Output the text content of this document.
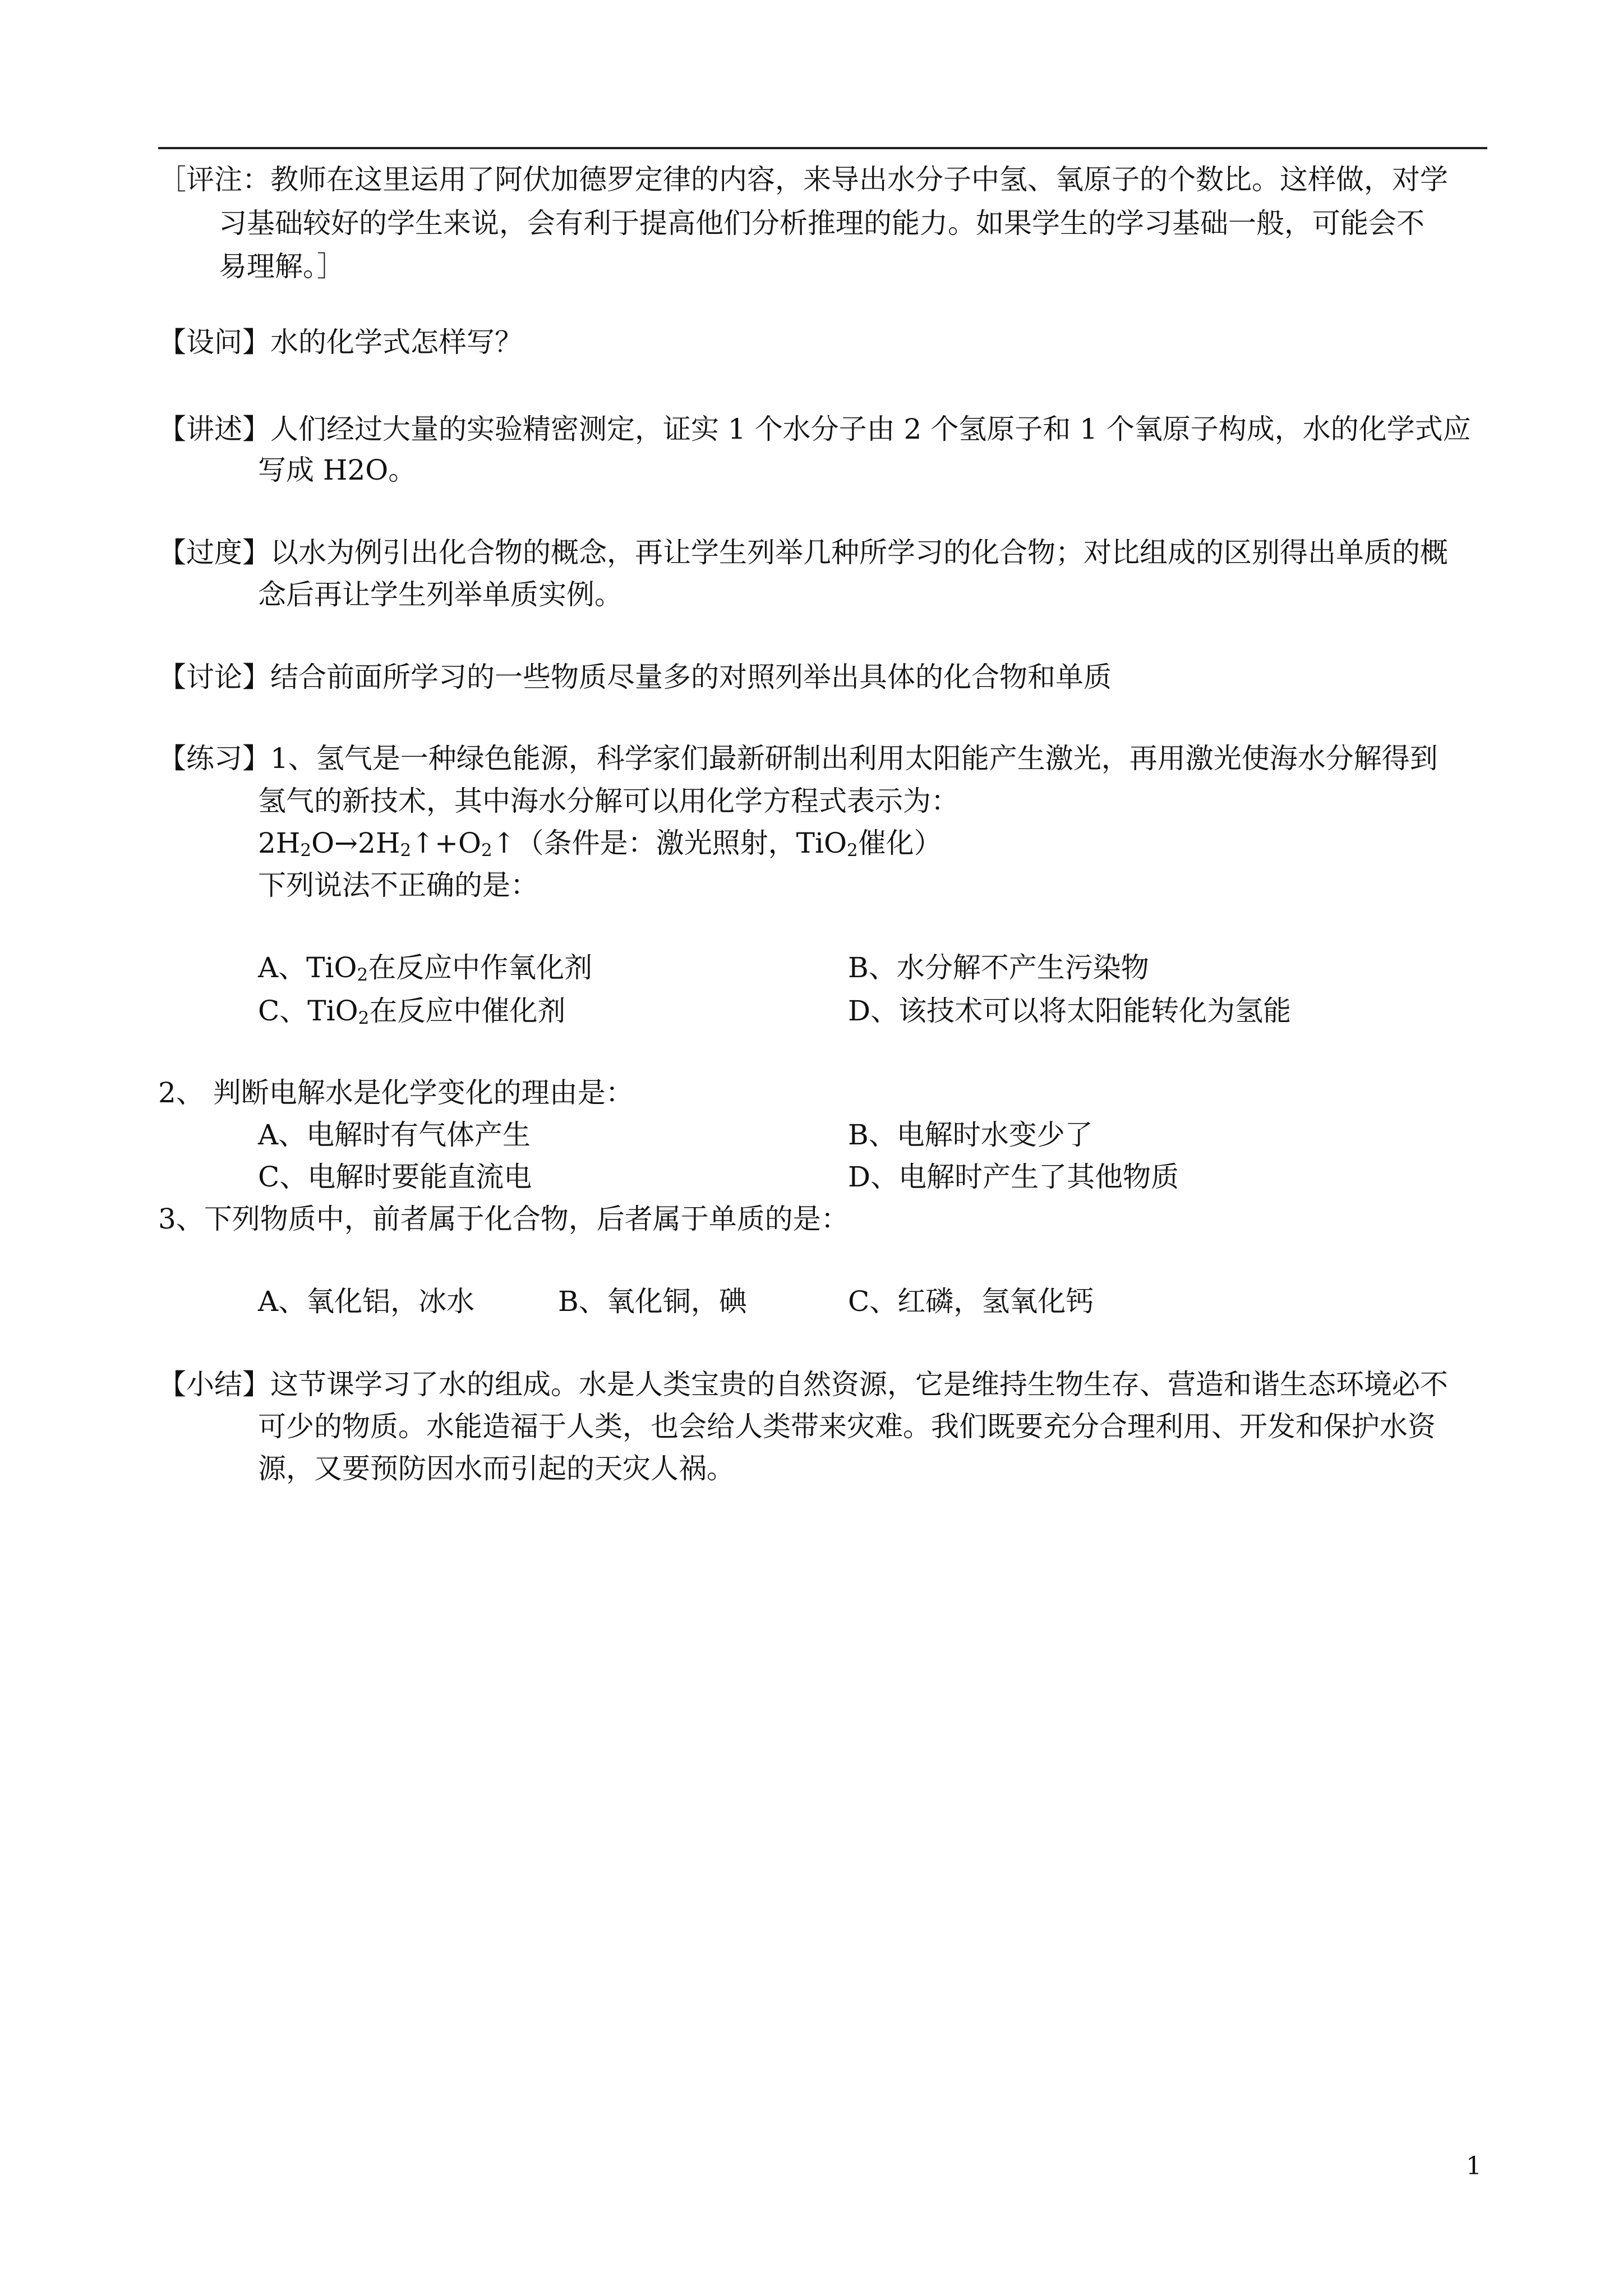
［评注：教师在这里运用了阿伏加德罗定律的内容，来导出水分子中氢、氧原子的个数比。这样做，对学
习基础较好的学生来说，会有利于提高他们分析推理的能力。如果学生的学习基础一般，可能会不
易理解。］
【设问】水的化学式怎样写？
【讲述】人们经过大量的实验精密测定，证实 1 个水分子由 2 个氢原子和 1 个氧原子构成，水的化学式应
写成 H2O。
【过度】以水为例引出化合物的概念，再让学生列举几种所学习的化合物；对比组成的区别得出单质的概
念后再让学生列举单质实例。
【讨论】结合前面所学习的一些物质尽量多的对照列举出具体的化合物和单质
【练习】1、氢气是一种绿色能源，科学家们最新研制出利用太阳能产生激光，再用激光使海水分解得到
氢气的新技术，其中海水分解可以用化学方程式表示为：
2H2O→2H2↑+O2↑（条件是：激光照射，TiO2催化）
下列说法不正确的是：
A、TiO2在反应中作氧化剂	B、水分解不产生污染物
C、TiO2在反应中催化剂	D、该技术可以将太阳能转化为氢能
2、 判断电解水是化学变化的理由是：
A、电解时有气体产生	B、电解时水变少了
C、电解时要能直流电	D、电解时产生了其他物质
3、下列物质中，前者属于化合物，后者属于单质的是：
A、氧化铝，冰水	B、氧化铜，碘	C、红磷，氢氧化钙
【小结】这节课学习了水的组成。水是人类宝贵的自然资源，它是维持生物生存、营造和谐生态环境必不
可少的物质。水能造福于人类，也会给人类带来灾难。我们既要充分合理利用、开发和保护水资
源，又要预防因水而引起的天灾人祸。
1
